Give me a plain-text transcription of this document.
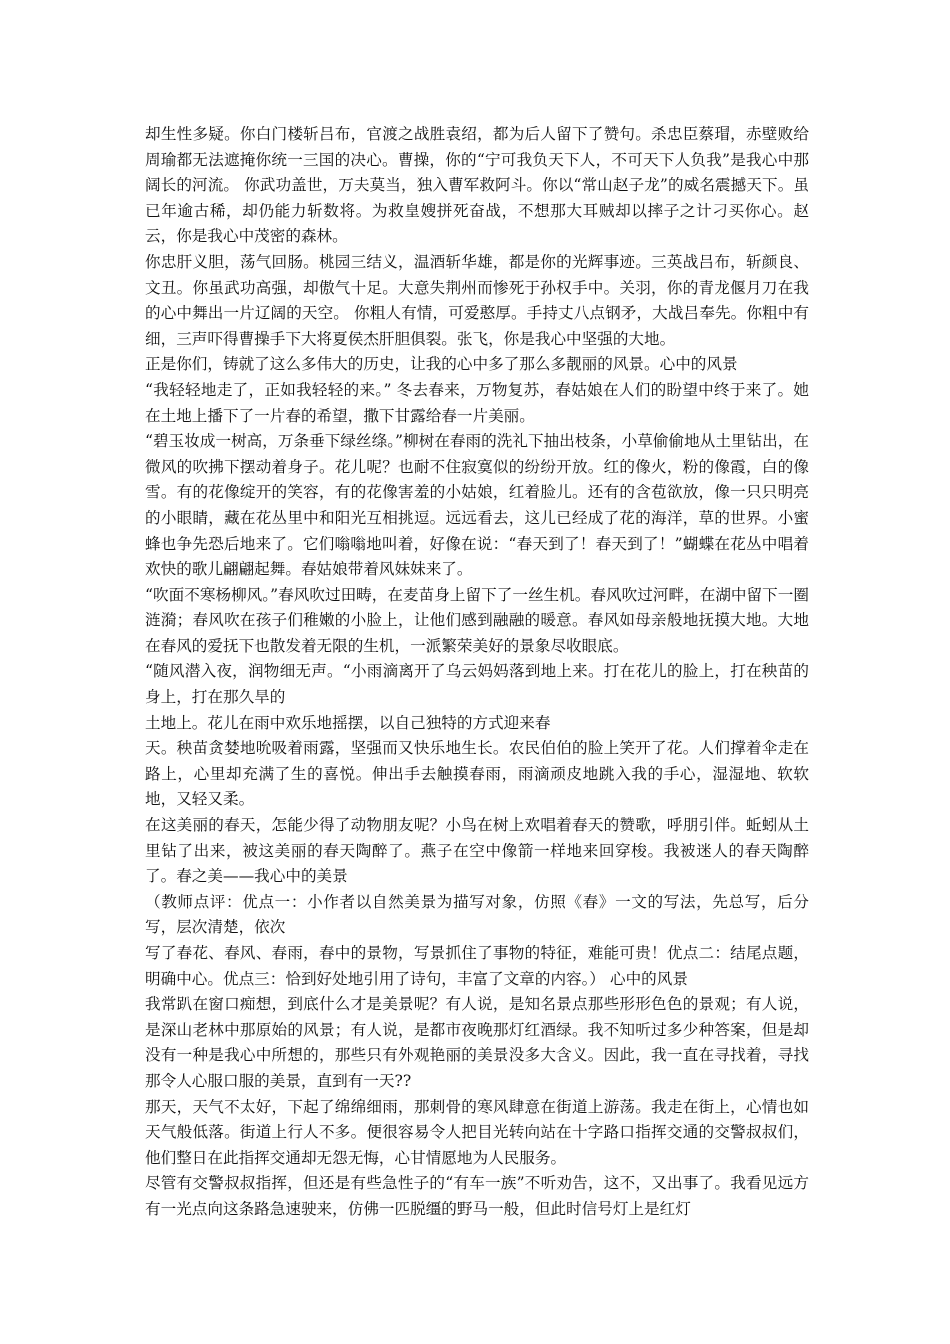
却生性多疑。你白门楼斩吕布，官渡之战胜袁绍，都为后人留下了赞句。杀忠臣蔡瑁，赤壁败给周瑜都无法遮掩你统一三国的决心。曹操，你的“宁可我负天下人，不可天下人负我”是我心中那阔长的河流。 你武功盖世，万夫莫当，独入曹军救阿斗。你以“常山赵子龙”的威名震撼天下。虽已年逾古稀，却仍能力斩数将。为救皇嫂拼死奋战，不想那大耳贼却以摔子之计刁买你心。赵云，你是我心中茂密的森林。

你忠肝义胆，荡气回肠。桃园三结义，温酒斩华雄，都是你的光辉事迹。三英战吕布，斩颜良、文丑。你虽武功高强，却傲气十足。大意失荆州而惨死于孙权手中。关羽，你的青龙偃月刀在我的心中舞出一片辽阔的天空。 你粗人有情，可爱憨厚。手持丈八点钢矛，大战吕奉先。你粗中有细，三声吓得曹操手下大将夏侯杰肝胆俱裂。张飞，你是我心中坚强的大地。

正是你们，铸就了这么多伟大的历史，让我的心中多了那么多靓丽的风景。心中的风景

“我轻轻地走了，正如我轻轻的来。” 冬去春来，万物复苏，春姑娘在人们的盼望中终于来了。她在土地上播下了一片春的希望，撒下甘露给春一片美丽。

“碧玉妆成一树高，万条垂下绿丝绦。”柳树在春雨的洗礼下抽出枝条，小草偷偷地从土里钻出，在微风的吹拂下摆动着身子。花儿呢？也耐不住寂寞似的纷纷开放。红的像火，粉的像霞，白的像雪。有的花像绽开的笑容，有的花像害羞的小姑娘，红着脸儿。还有的含苞欲放，像一只只明亮的小眼睛，藏在花丛里中和阳光互相挑逗。远远看去，这儿已经成了花的海洋，草的世界。小蜜蜂也争先恐后地来了。它们嗡嗡地叫着，好像在说：“春天到了！春天到了！”蝴蝶在花丛中唱着欢快的歌儿翩翩起舞。春姑娘带着风妹妹来了。

“吹面不寒杨柳风。”春风吹过田畴，在麦苗身上留下了一丝生机。春风吹过河畔，在湖中留下一圈涟漪；春风吹在孩子们稚嫩的小脸上，让他们感到融融的暖意。春风如母亲般地抚摸大地。大地在春风的爱抚下也散发着无限的生机，一派繁荣美好的景象尽收眼底。

“随风潜入夜，润物细无声。“小雨滴离开了乌云妈妈落到地上来。打在花儿的脸上，打在秧苗的身上，打在那久旱的

土地上。花儿在雨中欢乐地摇摆，以自己独特的方式迎来春

天。秧苗贪婪地吮吸着雨露，坚强而又快乐地生长。农民伯伯的脸上笑开了花。人们撑着伞走在路上，心里却充满了生的喜悦。伸出手去触摸春雨，雨滴顽皮地跳入我的手心，湿湿地、软软地，又轻又柔。

在这美丽的春天，怎能少得了动物朋友呢？小鸟在树上欢唱着春天的赞歌，呼朋引伴。蚯蚓从土里钻了出来，被这美丽的春天陶醉了。燕子在空中像箭一样地来回穿梭。我被迷人的春天陶醉了。春之美——我心中的美景

（教师点评：优点一：小作者以自然美景为描写对象，仿照《春》一文的写法，先总写，后分写，层次清楚，依次

写了春花、春风、春雨，春中的景物，写景抓住了事物的特征，难能可贵！优点二：结尾点题，明确中心。优点三：恰到好处地引用了诗句，丰富了文章的内容。） 心中的风景

我常趴在窗口痴想，到底什么才是美景呢？有人说，是知名景点那些形形色色的景观；有人说，是深山老林中那原始的风景；有人说，是都市夜晚那灯红酒绿。我不知听过多少种答案，但是却没有一种是我心中所想的，那些只有外观艳丽的美景没多大含义。因此，我一直在寻找着，寻找那令人心服口服的美景，直到有一天??

那天，天气不太好，下起了绵绵细雨，那刺骨的寒风肆意在街道上游荡。我走在街上，心情也如天气般低落。街道上行人不多。便很容易令人把目光转向站在十字路口指挥交通的交警叔叔们，他们整日在此指挥交通却无怨无悔，心甘情愿地为人民服务。

尽管有交警叔叔指挥，但还是有些急性子的“有车一族”不听劝告，这不，又出事了。我看见远方有一光点向这条路急速驶来，仿佛一匹脱缰的野马一般，但此时信号灯上是红灯
